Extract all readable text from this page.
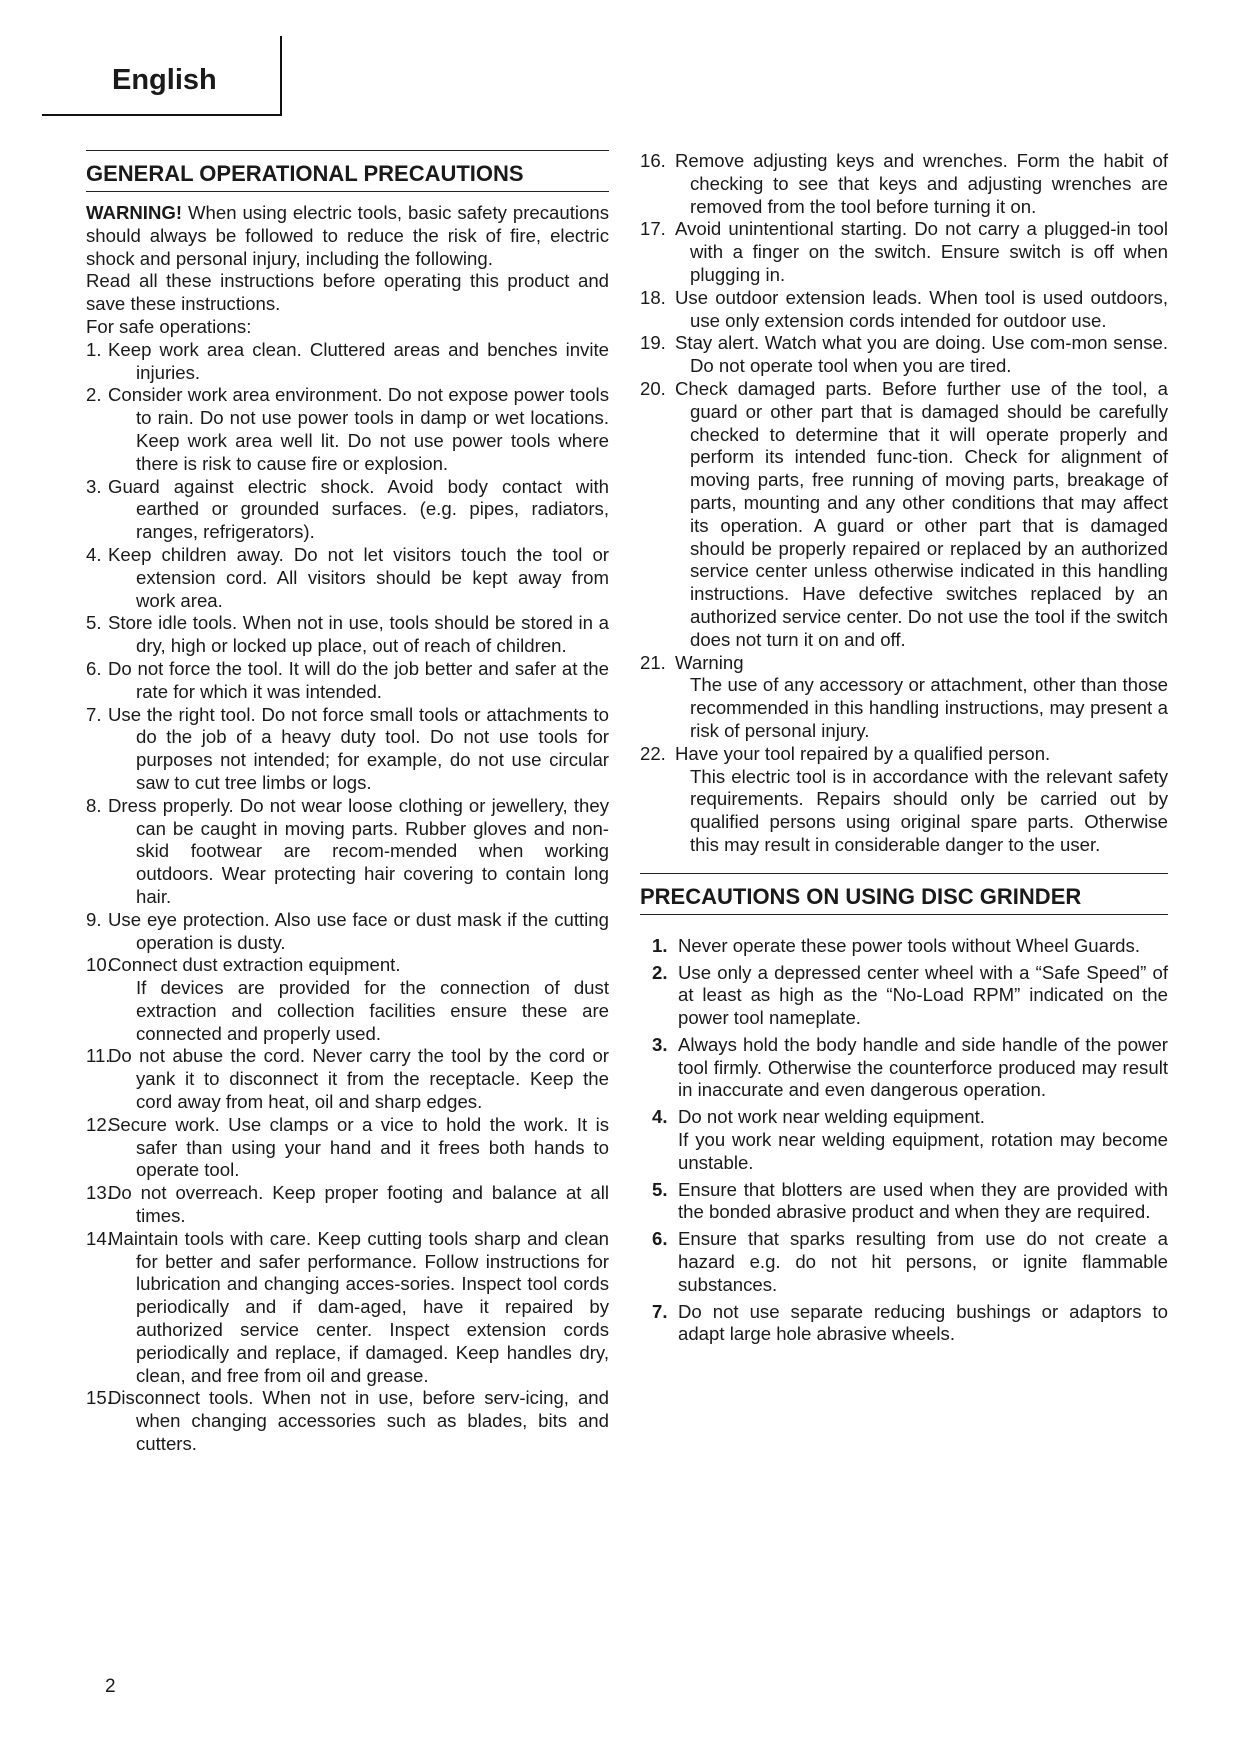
English
GENERAL OPERATIONAL PRECAUTIONS

WARNING! When using electric tools, basic safety precautions should always be followed to reduce the risk of fire, electric shock and personal injury, including the following.

Read all these instructions before operating this product and save these instructions.

For safe operations:

1. Keep work area clean. Cluttered areas and benches invite injuries.
2. Consider work area environment. Do not expose power tools to rain. Do not use power tools in damp or wet locations. Keep work area well lit. Do not use power tools where there is risk to cause fire or explosion.
3. Guard against electric shock. Avoid body contact with earthed or grounded surfaces. (e.g. pipes, radiators, ranges, refrigerators).
4. Keep children away. Do not let visitors touch the tool or extension cord. All visitors should be kept away from work area.
5. Store idle tools. When not in use, tools should be stored in a dry, high or locked up place, out of reach of children.
6. Do not force the tool. It will do the job better and safer at the rate for which it was intended.
7. Use the right tool. Do not force small tools or attachments to do the job of a heavy duty tool. Do not use tools for purposes not intended; for example, do not use circular saw to cut tree limbs or logs.
8. Dress properly. Do not wear loose clothing or jewellery, they can be caught in moving parts. Rubber gloves and non-skid footwear are recom-mended when working outdoors. Wear protecting hair covering to contain long hair.
9. Use eye protection. Also use face or dust mask if the cutting operation is dusty.
10.
Connect dust extraction equipment.
If devices are provided for the connection of dust extraction and collection facilities ensure these are connected and properly used.
11.
Do not abuse the cord. Never carry the tool by the cord or yank it to disconnect it from the receptacle. Keep the cord away from heat, oil and sharp edges.
12.
Secure work. Use clamps or a vice to hold the work. It is safer than using your hand and it frees both hands to operate tool.
13.
Do not overreach. Keep proper footing and balance at all times.
14.
Maintain tools with care. Keep cutting tools sharp and clean for better and safer performance. Follow instructions for lubrication and changing acces-sories. Inspect tool cords periodically and if dam-aged, have it repaired by authorized service center. Inspect extension cords periodically and replace, if damaged. Keep handles dry, clean, and free from oil and grease.
15.
Disconnect tools. When not in use, before serv-icing, and when changing accessories such as blades, bits and cutters.
16. Remove adjusting keys and wrenches. Form the habit of checking to see that keys and adjusting wrenches are removed from the tool before turning it on.
17. Avoid unintentional starting. Do not carry a plugged-in tool with a finger on the switch. Ensure switch is off when plugging in.
18. Use outdoor extension leads. When tool is used outdoors, use only extension cords intended for outdoor use.
19. Stay alert. Watch what you are doing. Use com-mon sense. Do not operate tool when you are tired.
20. Check damaged parts. Before further use of the tool, a guard or other part that is damaged should be carefully checked to determine that it will operate properly and perform its intended func-tion. Check for alignment of moving parts, free running of moving parts, breakage of parts, mounting and any other conditions that may affect its operation. A guard or other part that is damaged should be properly repaired or replaced by an authorized service center unless otherwise indicated in this handling instructions. Have defective switches replaced by an authorized service center. Do not use the tool if the switch does not turn it on and off.
21. Warning
The use of any accessory or attachment, other than those recommended in this handling instructions, may present a risk of personal injury.
22. Have your tool repaired by a qualified person.
This electric tool is in accordance with the relevant safety requirements. Repairs should only be carried out by qualified persons using original spare parts. Otherwise this may result in considerable danger to the user.
PRECAUTIONS ON USING DISC GRINDER
1. Never operate these power tools without Wheel Guards.
2. Use only a depressed center wheel with a “Safe Speed” of at least as high as the “No-Load RPM” indicated on the power tool nameplate.
3. Always hold the body handle and side handle of the power tool firmly. Otherwise the counterforce produced may result in inaccurate and even dangerous operation.
4. Do not work near welding equipment.
If you work near welding equipment, rotation may become unstable.
5. Ensure that blotters are used when they are provided with the bonded abrasive product and when they are required.
6. Ensure that sparks resulting from use do not create a hazard e.g. do not hit persons, or ignite flammable substances.
7. Do not use separate reducing bushings or adaptors to adapt large hole abrasive wheels.
2
